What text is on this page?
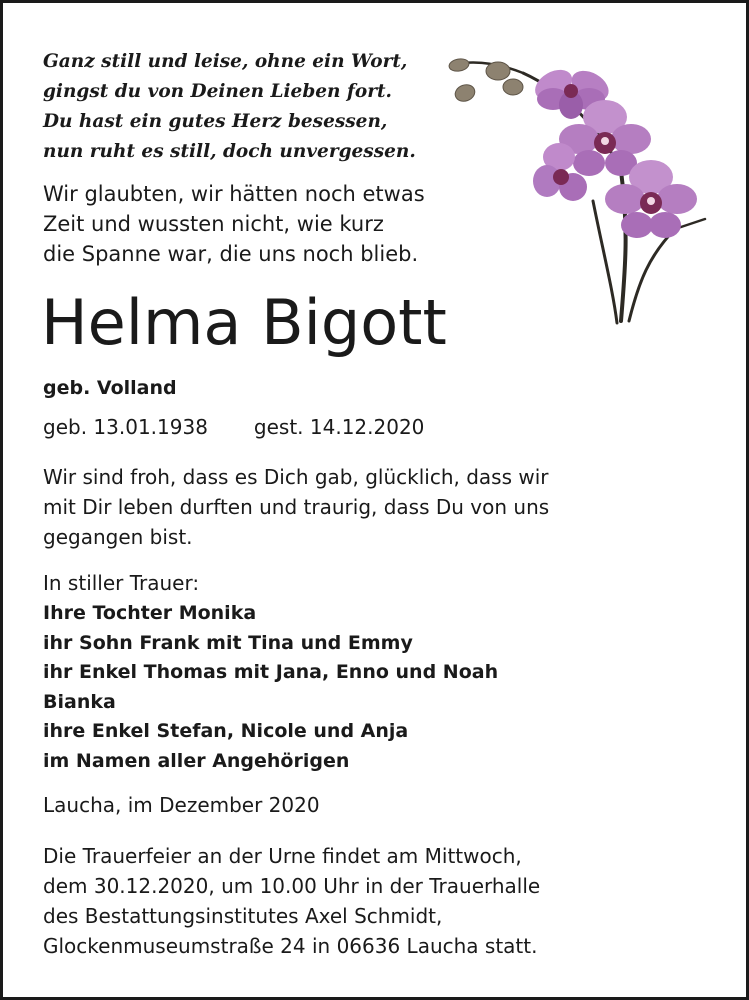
Ganz still und leise, ohne ein Wort,
gingst du von Deinen Lieben fort.
Du hast ein gutes Herz besessen,
nun ruht es still, doch unvergessen.
Wir glaubten, wir hätten noch etwas
Zeit und wussten nicht, wie kurz
die Spanne war, die uns noch blieb.
Helma Bigott
geb. Volland
geb. 13.01.1938 gest. 14.12.2020
Wir sind froh, dass es Dich gab, glücklich, dass wir
mit Dir leben durften und traurig, dass Du von uns
gegangen bist.
In stiller Trauer:
Ihre Tochter Monika
ihr Sohn Frank mit Tina und Emmy
ihr Enkel Thomas mit Jana, Enno und Noah
Bianka
ihre Enkel Stefan, Nicole und Anja
im Namen aller Angehörigen
Laucha, im Dezember 2020
Die Trauerfeier an der Urne findet am Mittwoch,
dem 30.12.2020, um 10.00 Uhr in der Trauerhalle
des Bestattungsinstitutes Axel Schmidt,
Glockenmuseumstraße 24 in 06636 Laucha statt.
